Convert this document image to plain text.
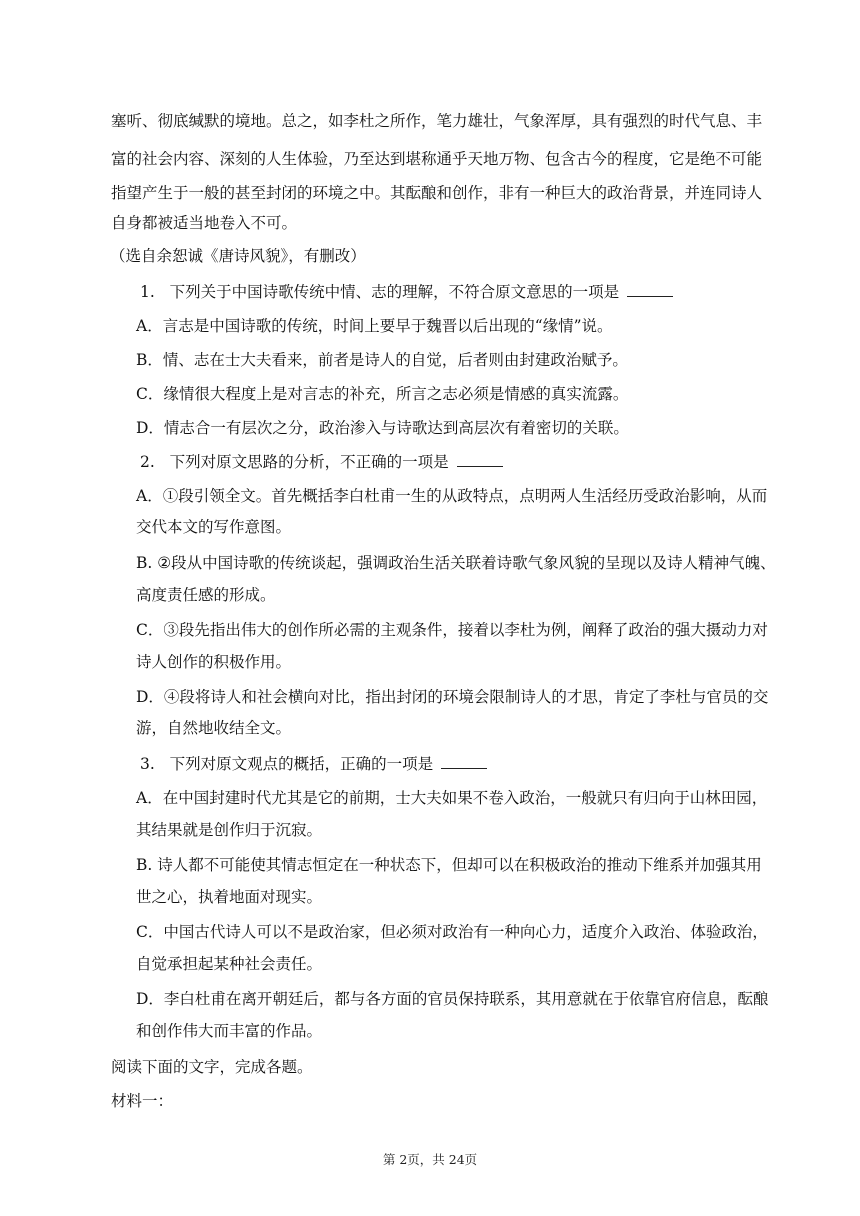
塞听、彻底缄默的境地。总之，如李杜之所作，笔力雄壮，气象浑厚，具有强烈的时代气息、丰
富的社会内容、深刻的人生体验，乃至达到堪称通乎天地万物、包含古今的程度，它是绝不可能
指望产生于一般的甚至封闭的环境之中。其酝酿和创作，非有一种巨大的政治背景，并连同诗人
自身都被适当地卷入不可。
（选自余恕诚《唐诗风貌》，有删改）
1. 下列关于中国诗歌传统中情、志的理解，不符合原文意思的一项是
A．言志是中国诗歌的传统，时间上要早于魏晋以后出现的“缘情”说。
B．情、志在士大夫看来，前者是诗人的自觉，后者则由封建政治赋予。
C．缘情很大程度上是对言志的补充，所言之志必须是情感的真实流露。
D．情志合一有层次之分，政治渗入与诗歌达到高层次有着密切的关联。
2. 下列对原文思路的分析，不正确的一项是
A．①段引领全文。首先概括李白杜甫一生的从政特点，点明两人生活经历受政治影响，从而
交代本文的写作意图。
B. ②段从中国诗歌的传统谈起，强调政治生活关联着诗歌气象风貌的呈现以及诗人精神气魄、
高度责任感的形成。
C．③段先指出伟大的创作所必需的主观条件，接着以李杜为例，阐释了政治的强大摄动力对
诗人创作的积极作用。
D．④段将诗人和社会横向对比，指出封闭的环境会限制诗人的才思，肯定了李杜与官员的交
游，自然地收结全文。
3. 下列对原文观点的概括，正确的一项是
A．在中国封建时代尤其是它的前期，士大夫如果不卷入政治，一般就只有归向于山林田园，
其结果就是创作归于沉寂。
B. 诗人都不可能使其情志恒定在一种状态下，但却可以在积极政治的推动下维系并加强其用
世之心，执着地面对现实。
C．中国古代诗人可以不是政治家，但必须对政治有一种向心力，适度介入政治、体验政治，
自觉承担起某种社会责任。
D．李白杜甫在离开朝廷后，都与各方面的官员保持联系，其用意就在于依靠官府信息，酝酿
和创作伟大而丰富的作品。
阅读下面的文字，完成各题。
材料一：
第 2页，共 24页
